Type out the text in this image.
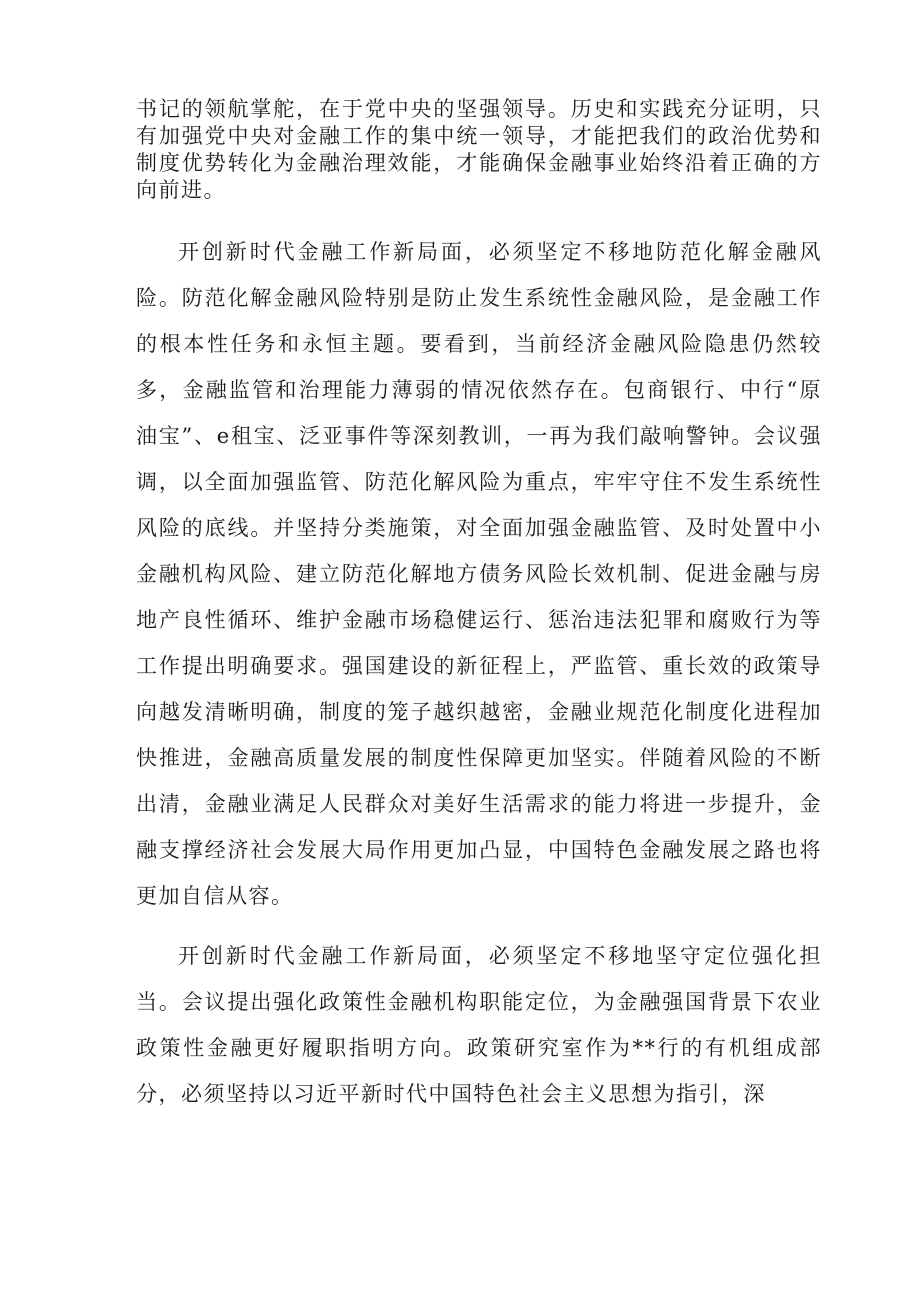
书记的领航掌舵，在于党中央的坚强领导。历史和实践充分证明，只有加强党中央对金融工作的集中统一领导，才能把我们的政治优势和制度优势转化为金融治理效能，才能确保金融事业始终沿着正确的方向前进。

开创新时代金融工作新局面，必须坚定不移地防范化解金融风险。防范化解金融风险特别是防止发生系统性金融风险，是金融工作的根本性任务和永恒主题。要看到，当前经济金融风险隐患仍然较多，金融监管和治理能力薄弱的情况依然存在。包商银行、中行“原油宝”、e租宝、泛亚事件等深刻教训，一再为我们敲响警钟。会议强调，以全面加强监管、防范化解风险为重点，牢牢守住不发生系统性风险的底线。并坚持分类施策，对全面加强金融监管、及时处置中小金融机构风险、建立防范化解地方债务风险长效机制、促进金融与房地产良性循环、维护金融市场稳健运行、惩治违法犯罪和腐败行为等工作提出明确要求。强国建设的新征程上，严监管、重长效的政策导向越发清晰明确，制度的笼子越织越密，金融业规范化制度化进程加快推进，金融高质量发展的制度性保障更加坚实。伴随着风险的不断出清，金融业满足人民群众对美好生活需求的能力将进一步提升，金融支撑经济社会发展大局作用更加凸显，中国特色金融发展之路也将更加自信从容。

开创新时代金融工作新局面，必须坚定不移地坚守定位强化担当。会议提出强化政策性金融机构职能定位，为金融强国背景下农业政策性金融更好履职指明方向。政策研究室作为**行的有机组成部分，必须坚持以习近平新时代中国特色社会主义思想为指引，深
